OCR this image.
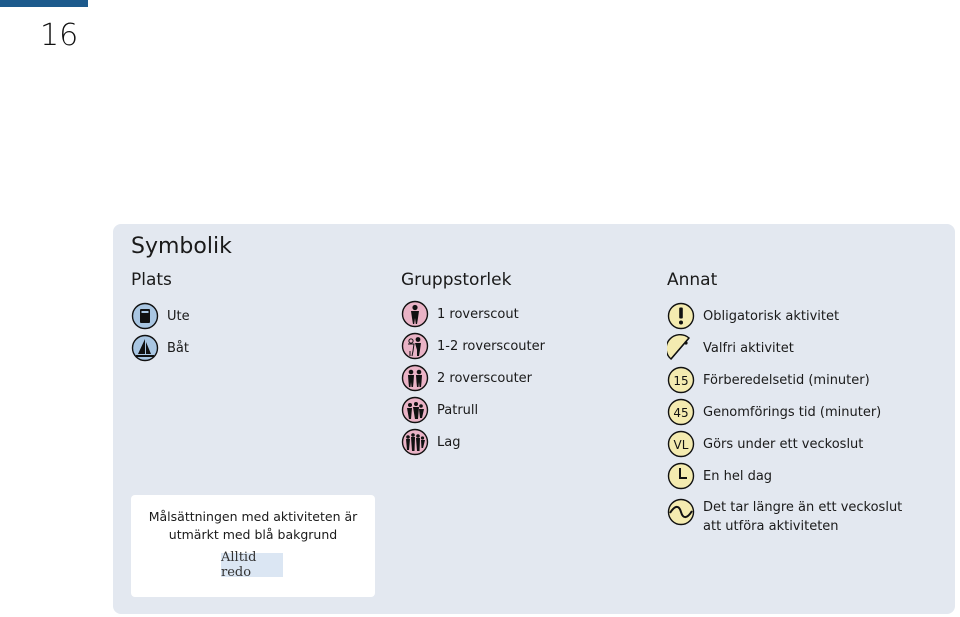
16
Symbolik
Plats
Ute
Båt
Gruppstorlek
1 roverscout
1-2 roverscouter
2 roverscouter
Patrull
Lag
Annat
Obligatorisk aktivitet
Valfri aktivitet
15 Förberedelsetid (minuter)
45 Genomförings tid (minuter)
VL Görs under ett veckoslut
En hel dag
Det tar längre än ett veckoslut att utföra aktiviteten
Målsättningen med aktiviteten är
utmärkt med blå bakgrund
Alltid redo
